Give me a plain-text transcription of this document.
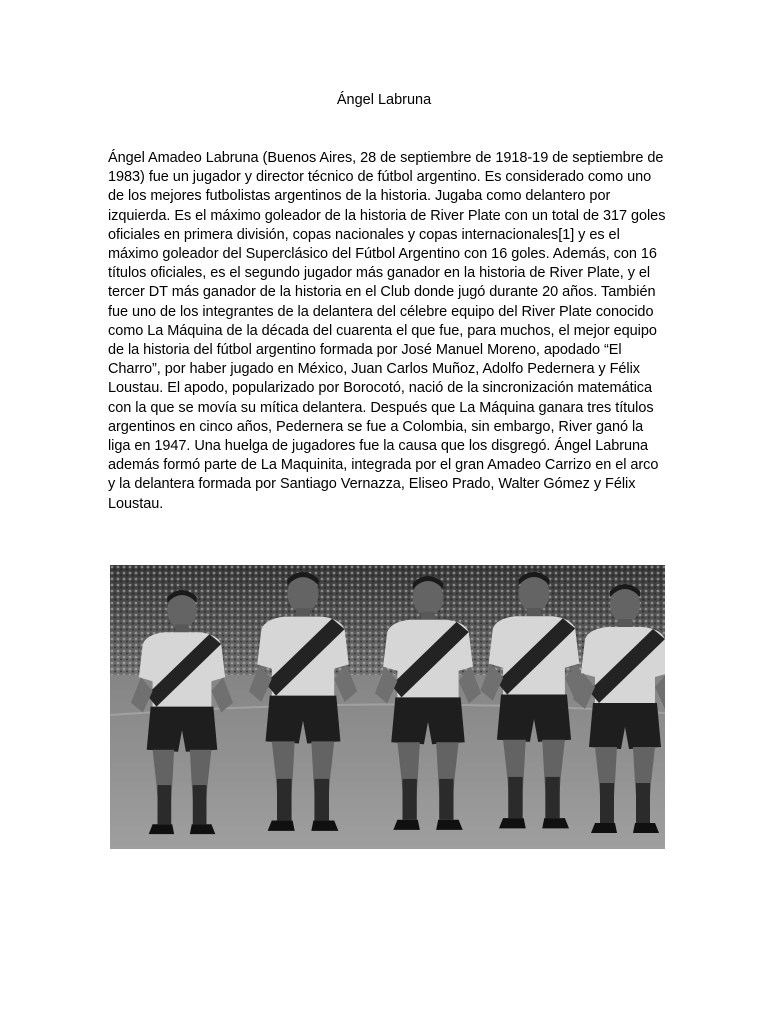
Ángel Labruna

Ángel Amadeo Labruna (Buenos Aires, 28 de septiembre de 1918-19 de septiembre de 1983) fue un jugador y director técnico de fútbol argentino. Es considerado como uno de los mejores futbolistas argentinos de la historia. Jugaba como delantero por izquierda. Es el máximo goleador de la historia de River Plate con un total de 317 goles oficiales en primera división, copas nacionales y copas internacionales[1] y es el máximo goleador del Superclásico del Fútbol Argentino con 16 goles. Además, con 16 títulos oficiales, es el segundo jugador más ganador en la historia de River Plate, y el tercer DT más ganador de la historia en el Club donde jugó durante 20 años. También fue uno de los integrantes de la delantera del célebre equipo del River Plate conocido como La Máquina de la década del cuarenta el que fue, para muchos, el mejor equipo de la historia del fútbol argentino formada por José Manuel Moreno, apodado “El Charro”, por haber jugado en México, Juan Carlos Muñoz, Adolfo Pedernera y Félix Loustau. El apodo, popularizado por Borocotó, nació de la sincronización matemática con la que se movía su mítica delantera. Después que La Máquina ganara tres títulos argentinos en cinco años, Pedernera se fue a Colombia, sin embargo, River ganó la liga en 1947. Una huelga de jugadores fue la causa que los disgregó. Ángel Labruna además formó parte de La Maquinita, integrada por el gran Amadeo Carrizo en el arco y la delantera formada por Santiago Vernazza, Eliseo Prado, Walter Gómez y Félix Loustau.
